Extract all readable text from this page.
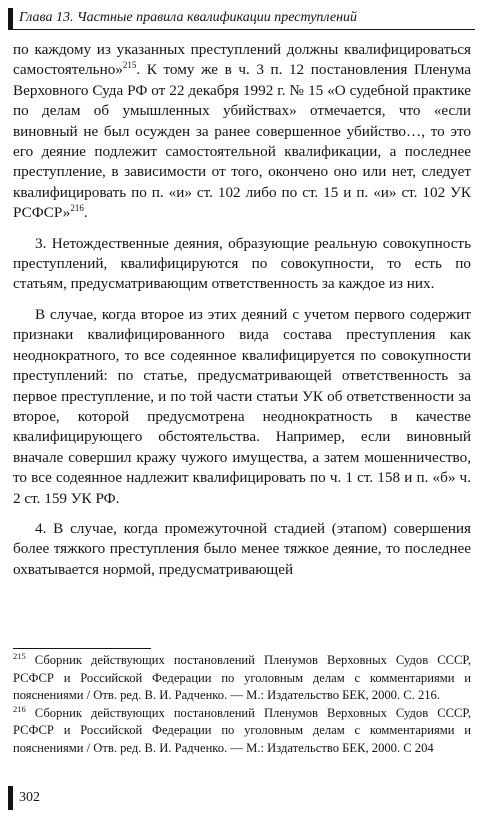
Глава 13. Частные правила квалификации преступлений

по каждому из указанных преступлений должны квалифицироваться самостоятельно»$^{215}$. К тому же в ч. 3 п. 12 постановления Пленума Верховного Суда РФ от 22 декабря 1992 г. № 15 «О судебной практике по делам об умышленных убийствах» отмечается, что «если виновный не был осужден за ранее совершенное убийство…, то это его деяние подлежит самостоятельной квалификации, а последнее преступление, в зависимости от того, окончено оно или нет, следует квалифицировать по п. «и» ст. 102 либо по ст. 15 и п. «и» ст. 102 УК РСФСР»$^{216}$.

3. Нетождественные деяния, образующие реальную совокупность преступлений, квалифицируются по совокупности, то есть по статьям, предусматривающим ответственность за каждое из них.

В случае, когда второе из этих деяний с учетом первого содержит признаки квалифицированного вида состава преступления как неоднократного, то все содеянное квалифицируется по совокупности преступлений: по статье, предусматривающей ответственность за первое преступление, и по той части статьи УК об ответственности за второе, которой предусмотрена неоднократность в качестве квалифицирующего обстоятельства. Например, если виновный вначале совершил кражу чужого имущества, а затем мошенничество, то все содеянное надлежит квалифицировать по ч. 1 ст. 158 и п. «б» ч. 2 ст. 159 УК РФ.

4. В случае, когда промежуточной стадией (этапом) совершения более тяжкого преступления было менее тяжкое деяние, то последнее охватывается нормой, предусматривающей

$^{215}$ Сборник действующих постановлений Пленумов Верховных Судов СССР, РСФСР и Российской Федерации по уголовным делам с комментариями и пояснениями / Отв. ред. В. И. Радченко. — М.: Издательство БЕК, 2000. С. 216.

$^{216}$ Сборник действующих постановлений Пленумов Верховных Судов СССР, РСФСР и Российской Федерации по уголовным делам с комментариями и пояснениями / Отв. ред. В. И. Радченко. — М.: Издательство БЕК, 2000. С 204

302
